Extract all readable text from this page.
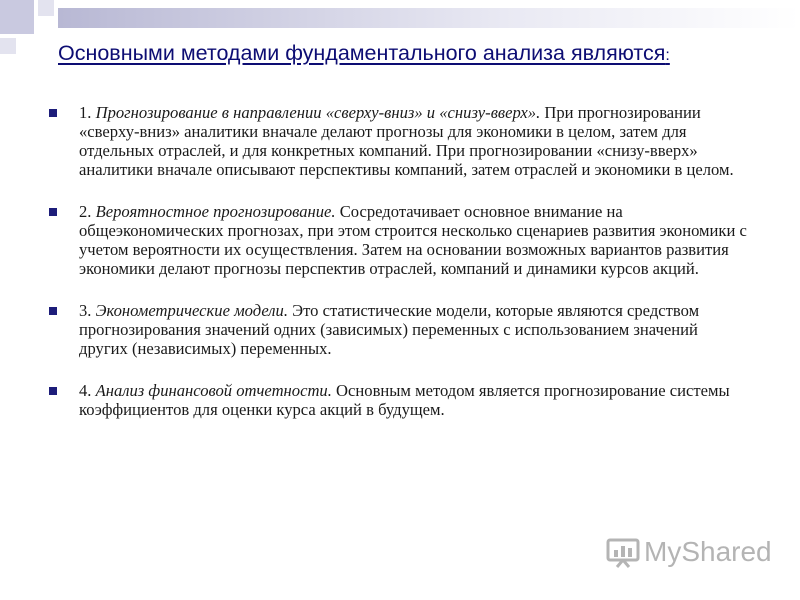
Основными методами фундаментального анализа являются:
1. Прогнозирование в направлении «сверху-вниз» и «снизу-вверх». При прогнозировании «сверху-вниз» аналитики вначале делают прогнозы для экономики в целом, затем для отдельных отраслей, и для конкретных компаний. При прогнозировании «снизу-вверх» аналитики вначале описывают перспективы компаний, затем отраслей и экономики в целом.
2. Вероятностное прогнозирование. Сосредотачивает основное внимание на общеэкономических прогнозах, при этом строится несколько сценариев развития экономики с учетом вероятности их осуществления. Затем на основании возможных вариантов развития экономики делают прогнозы перспектив отраслей, компаний и динамики курсов акций.
3. Эконометрические модели. Это статистические модели, которые являются средством прогнозирования значений одних (зависимых) переменных с использованием значений других (независимых) переменных.
4. Анализ финансовой отчетности. Основным методом является прогнозирование системы коэффициентов для оценки курса акций в будущем.
MyShared
